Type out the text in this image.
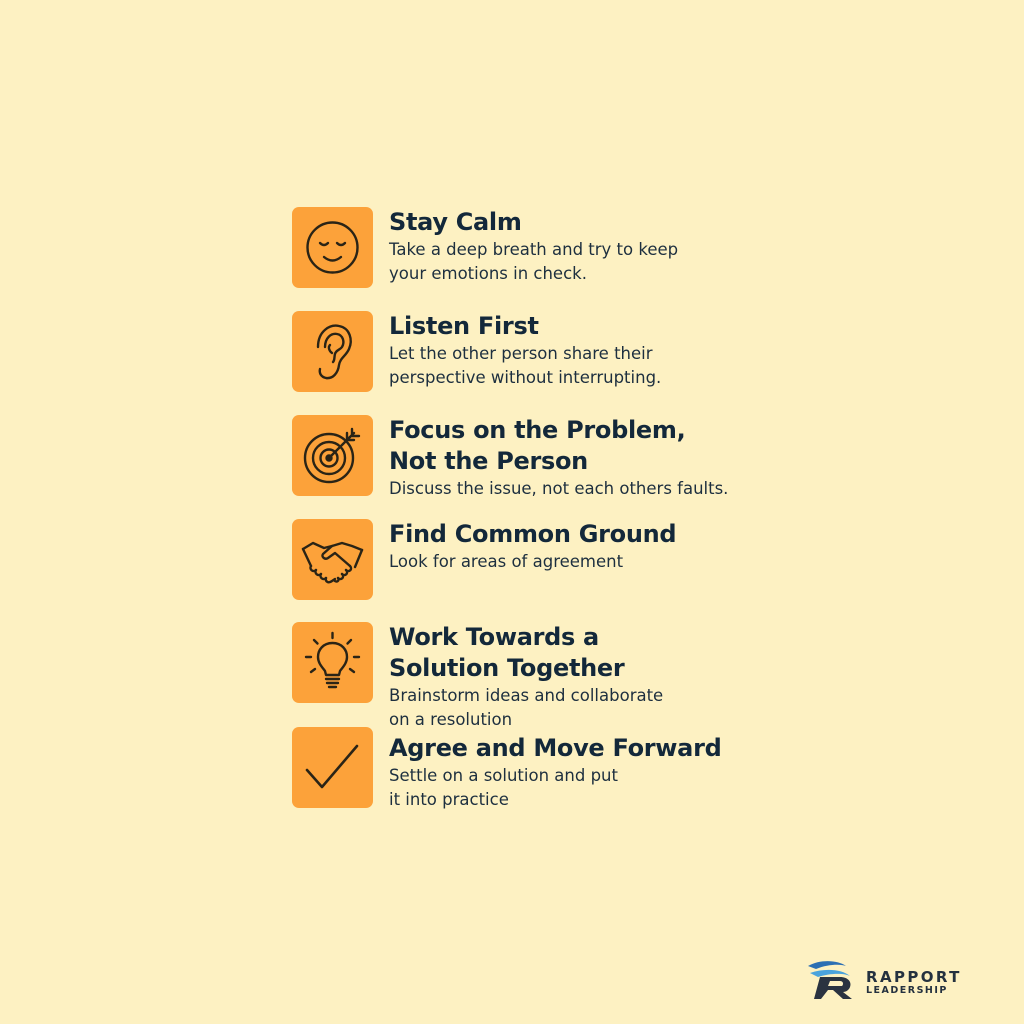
Stay Calm
Take a deep breath and try to keep
your emotions in check.
Listen First
Let the other person share their
perspective without interrupting.
Focus on the Problem,
Not the Person
Discuss the issue, not each others faults.
Find Common Ground
Look for areas of agreement
Work Towards a
Solution Together
Brainstorm ideas and collaborate
on a resolution
Agree and Move Forward
Settle on a solution and put
it into practice
RAPPORT
LEADERSHIP
